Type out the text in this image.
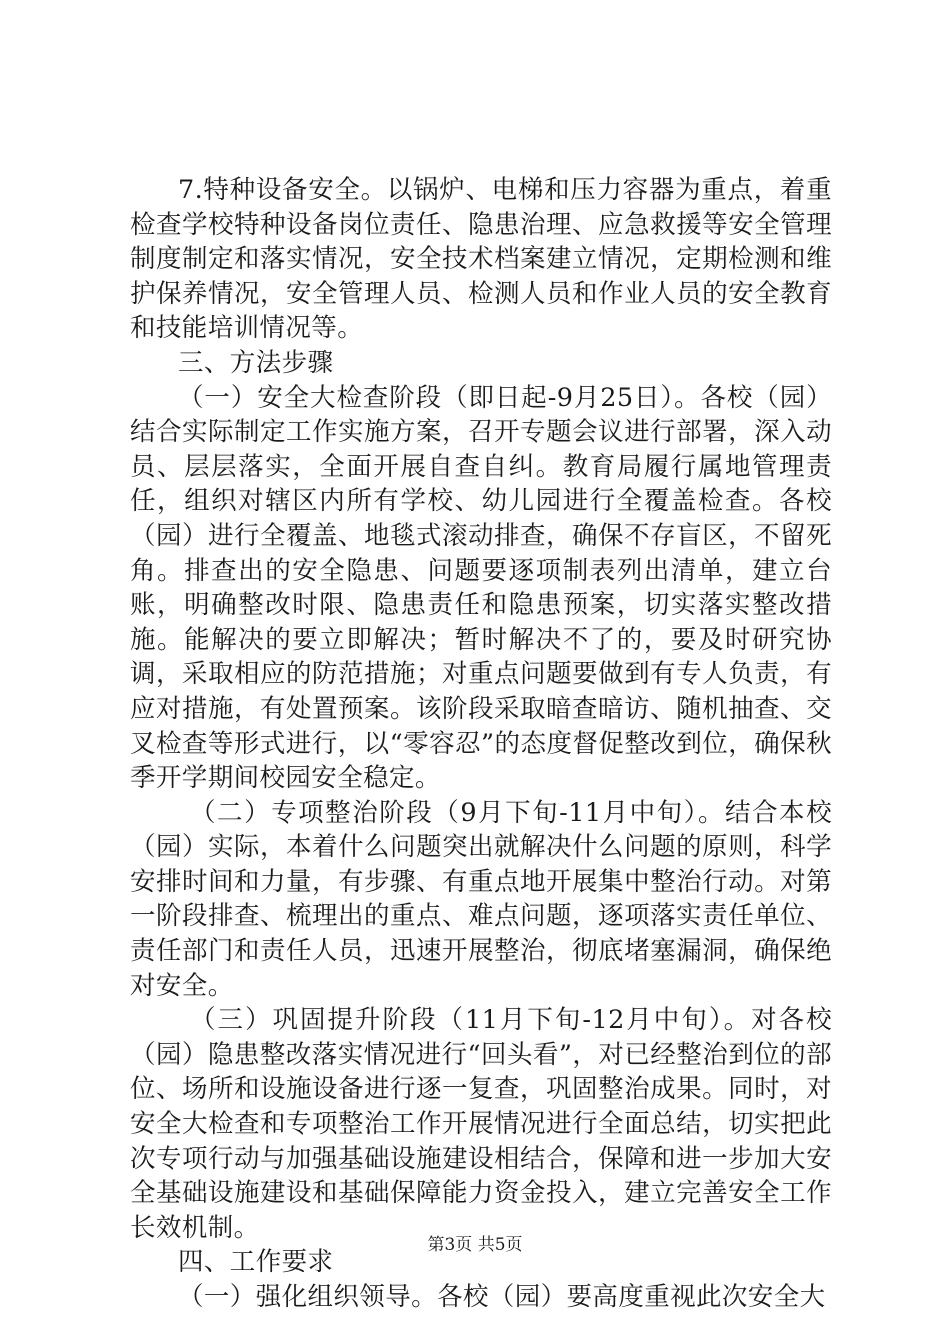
7.特种设备安全。以锅炉、电梯和压力容器为重点，着重检查学校特种设备岗位责任、隐患治理、应急救援等安全管理制度制定和落实情况，安全技术档案建立情况，定期检测和维护保养情况，安全管理人员、检测人员和作业人员的安全教育和技能培训情况等。

三、方法步骤

（一）安全大检查阶段（即日起-9月25日）。各校（园）结合实际制定工作实施方案，召开专题会议进行部署，深入动员、层层落实，全面开展自查自纠。教育局履行属地管理责任，组织对辖区内所有学校、幼儿园进行全覆盖检查。各校（园）进行全覆盖、地毯式滚动排查，确保不存盲区，不留死角。排查出的安全隐患、问题要逐项制表列出清单，建立台账，明确整改时限、隐患责任和隐患预案，切实落实整改措施。能解决的要立即解决；暂时解决不了的，要及时研究协调，采取相应的防范措施；对重点问题要做到有专人负责，有应对措施，有处置预案。该阶段采取暗查暗访、随机抽查、交叉检查等形式进行，以“零容忍”的态度督促整改到位，确保秋季开学期间校园安全稳定。

（二）专项整治阶段（9月下旬-11月中旬）。结合本校（园）实际，本着什么问题突出就解决什么问题的原则，科学安排时间和力量，有步骤、有重点地开展集中整治行动。对第一阶段排查、梳理出的重点、难点问题，逐项落实责任单位、责任部门和责任人员，迅速开展整治，彻底堵塞漏洞，确保绝对安全。

（三）巩固提升阶段（11月下旬-12月中旬）。对各校（园）隐患整改落实情况进行“回头看”，对已经整治到位的部位、场所和设施设备进行逐一复查，巩固整治成果。同时，对安全大检查和专项整治工作开展情况进行全面总结，切实把此次专项行动与加强基础设施建设相结合，保障和进一步加大安全基础设施建设和基础保障能力资金投入，建立完善安全工作长效机制。

四、工作要求

（一）强化组织领导。各校（园）要高度重视此次安全大

第3页 共5页
